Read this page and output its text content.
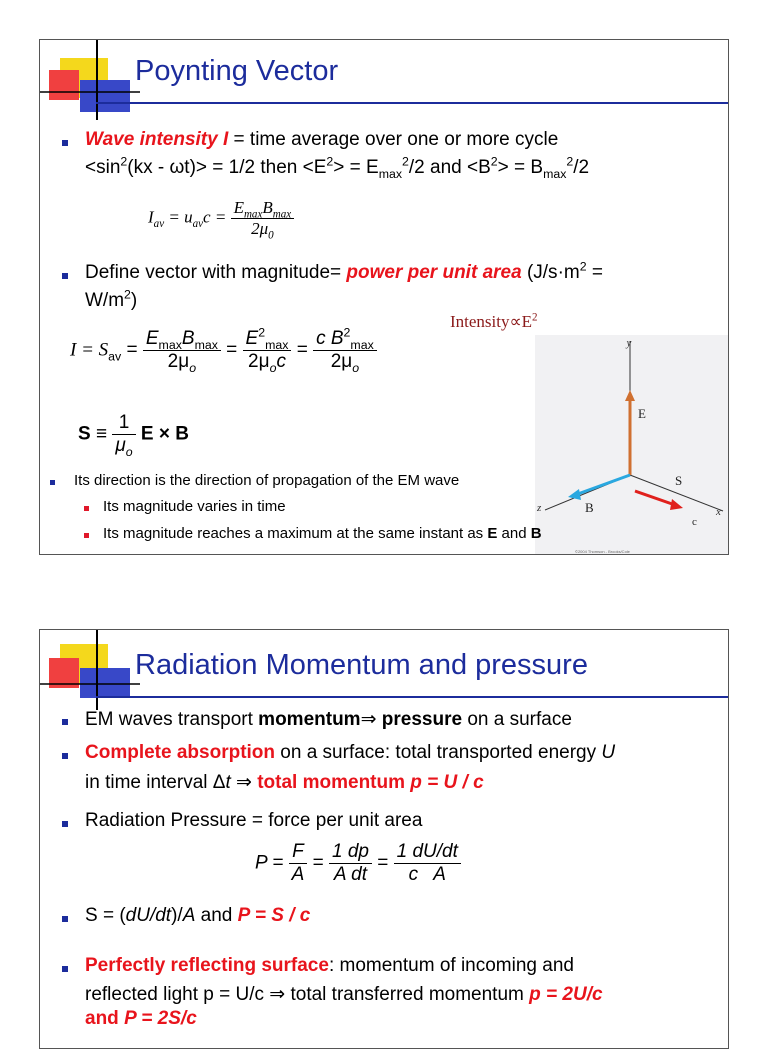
Poynting Vector
Wave intensity I = time average over one or more cycle
$<\sin^2(kx - \omega t)> = 1/2$ then $<E^2> = E_{max}^2/2$ and $<B^2> = B_{max}^2/2$
$I_{av} = u_{av}c = \frac{E_{max}B_{max}}{2\mu_0}$
Define vector with magnitude= power per unit area ($J/s\cdot m^2$ =
$W/m^2$)
$Intensity\propto E^2$
$I = S_{av} = \frac{E_{max}B_{max}}{2\mu_o} = \frac{E^2_{max}}{2\mu_oc} = \frac{c B^2_{max}}{2\mu_o}$
$S \equiv \frac{1}{\mu_o}$ E × B
y
E
S
z	B
c
x
©2004 Thomson - Brooks/Cole
Its direction is the direction of propagation of the EM wave
Its magnitude varies in time
Its magnitude reaches a maximum at the same instant as E and B
Radiation Momentum and pressure
EM waves transport momentum⇒ pressure on a surface
Complete absorption on a surface: total transported energy U
in time interval Δt ⇒ total momentum p = U / c
Radiation Pressure = force per unit area
$P = \frac{F}{A} = \frac{1 dp}{\text{A dt}} = \frac{1 dU/dt}{\text{c   A}}$
S = (dU/dt)/A and P = S / c
Perfectly reflecting surface: momentum of incoming and
reflected light p = U/c ⇒ total transferred momentum p = 2U/c
and P = 2S/c
